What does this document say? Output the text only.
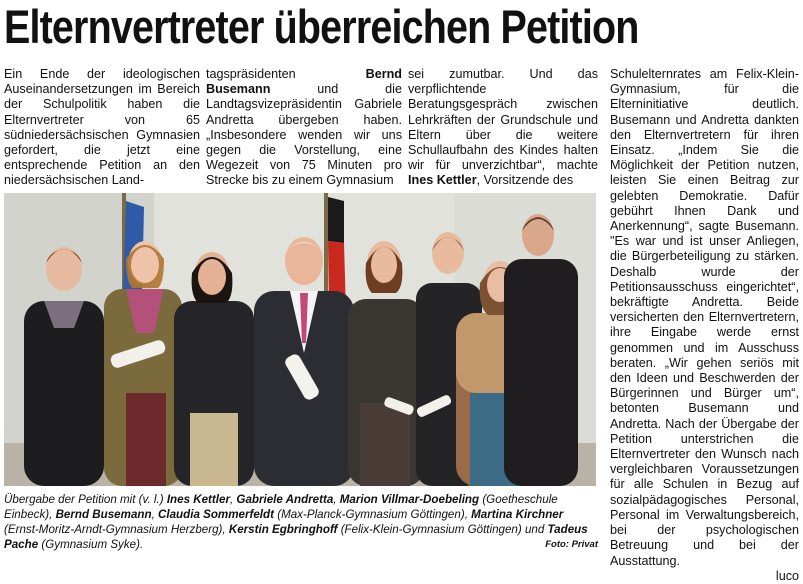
Elternvertreter überreichen Petition

Ein Ende der ideologischen Auseinandersetzungen im Bereich der Schulpolitik haben die Elternvertreter von 65 südniedersächsischen Gymnasien gefordert, die jetzt eine entsprechende Petition an den niedersächsischen Land-

tagspräsidenten Bernd Busemann und die Landtagsvizepräsidentin Gabriele Andretta übergeben haben. „Insbesondere wenden wir uns gegen die Vorstellung, eine Wegezeit von 75 Minuten pro Strecke bis zu einem Gymnasium

sei zumutbar. Und das verpflichtende Beratungsgespräch zwischen Lehrkräften der Grundschule und Eltern über die weitere Schullaufbahn des Kindes halten wir für unverzichtbar“, machte Ines Kettler, Vorsitzende des

Schulelternrates am Felix-Klein-Gymnasium, für die Elterninitiative deutlich. Busemann und Andretta dankten den Elternvertretern für ihren Einsatz. „Indem Sie die Möglichkeit der Petition nutzen, leisten Sie einen Beitrag zur gelebten Demokratie. Dafür gebührt Ihnen Dank und Anerkennung“, sagte Busemann. "Es war und ist unser Anliegen, die Bürgerbeteiligung zu stärken. Deshalb wurde der Petitionsausschuss eingerichtet“, bekräftigte Andretta. Beide versicherten den Elternvertretern, ihre Eingabe werde ernst genommen und im Ausschuss beraten. „Wir gehen seriös mit den Ideen und Beschwerden der Bürgerinnen und Bürger um“, betonten Busemann und Andretta. Nach der Übergabe der Petition unterstrichen die Elternvertreter den Wunsch nach vergleichbaren Voraussetzungen für alle Schulen in Bezug auf sozialpädagogisches Personal, Personal im Verwaltungsbereich, bei der psychologischen Betreuung und bei der Ausstattung.

luco

Übergabe der Petition mit (v. l.) Ines Kettler, Gabriele Andretta, Marion Villmar-Doebeling (Goetheschule Einbeck), Bernd Busemann, Claudia Sommerfeldt (Max-Planck-Gymnasium Göttingen), Martina Kirchner (Ernst-Moritz-Arndt-Gymnasium Herzberg), Kerstin Egbringhoff (Felix-Klein-Gymnasium Göttingen) und Tadeus Pache (Gymnasium Syke).	Foto: Privat
